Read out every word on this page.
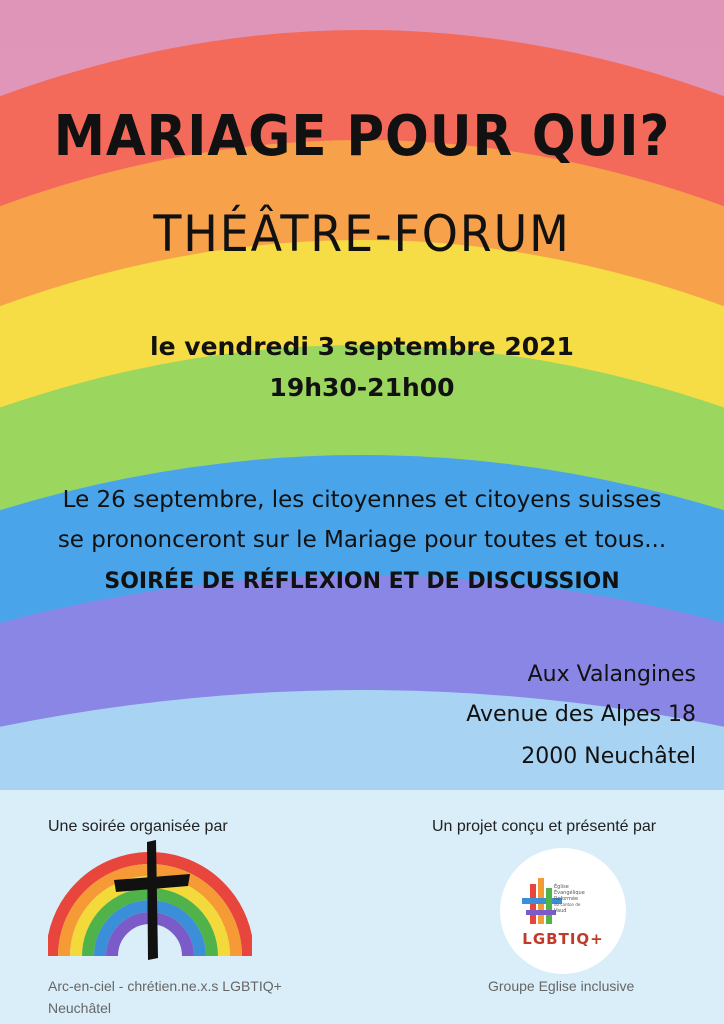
MARIAGE POUR QUI?
THÉÂTRE-FORUM
le vendredi 3 septembre 2021
19h30-21h00
Le 26 septembre, les citoyennes et citoyens suisses
se prononceront sur le Mariage pour toutes et tous...
SOIRÉE DE RÉFLEXION ET DE DISCUSSION
Aux Valangines
Avenue des Alpes 18
2000 Neuchâtel
Une soirée organisée par	Un projet conçu et présenté par
Église
Évangélique
Réformée
du canton de
Vaud
LGBTIQ+
Arc-en-ciel - chrétien.ne.x.s LGBTIQ+
Neuchâtel
Groupe Eglise inclusive
